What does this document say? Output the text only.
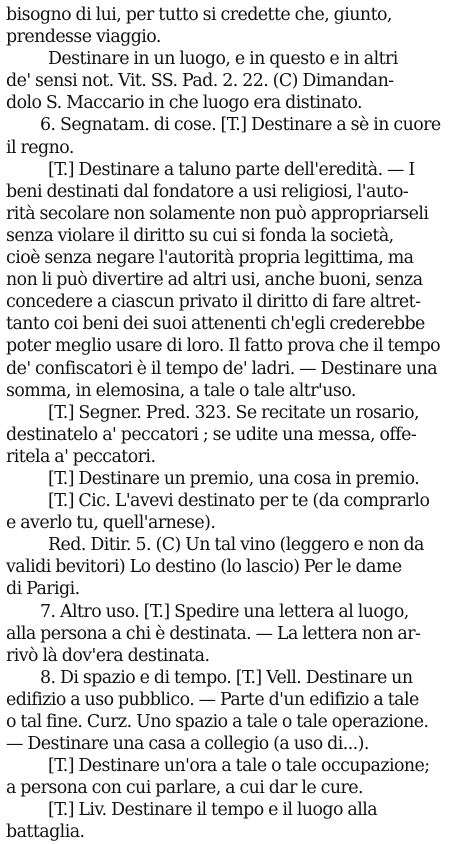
bisogno di lui, per tutto si credette che, giunto,
prendesse viaggio.
Destinare in un luogo, e in questo e in altri
de' sensi not. Vit. SS. Pad. 2. 22. (C) Dimandan-
dolo S. Maccario in che luogo era distinato.
6. Segnatam. di cose. [T.] Destinare a sè in cuore
il regno.
[T.] Destinare a taluno parte dell'eredità. — I
beni destinati dal fondatore a usi religiosi, l'auto-
rità secolare non solamente non può appropriarseli
senza violare il diritto su cui si fonda la società,
cioè senza negare l'autorità propria legittima, ma
non li può divertire ad altri usi, anche buoni, senza
concedere a ciascun privato il diritto di fare altret-
tanto coi beni dei suoi attenenti ch'egli crederebbe
poter meglio usare di loro. Il fatto prova che il tempo
de' confiscatori è il tempo de' ladri. — Destinare una
somma, in elemosina, a tale o tale altr'uso.
[T.] Segner. Pred. 323. Se recitate un rosario,
destinatelo a' peccatori ; se udite una messa, offe-
ritela a' peccatori.
[T.] Destinare un premio, una cosa in premio.
[T.] Cic. L'avevi destinato per te (da comprarlo
e averlo tu, quell'arnese).
Red. Ditir. 5. (C) Un tal vino (leggero e non da
validi bevitori) Lo destino (lo lascio) Per le dame
di Parigi.
7. Altro uso. [T.] Spedire una lettera al luogo,
alla persona a chi è destinata. — La lettera non ar-
rivò là dov'era destinata.
8. Di spazio e di tempo. [T.] Vell. Destinare un
edifizio a uso pubblico. — Parte d'un edifizio a tale
o tal fine. Curz. Uno spazio a tale o tale operazione.
— Destinare una casa a collegio (a uso di...).
[T.] Destinare un'ora a tale o tale occupazione;
a persona con cui parlare, a cui dar le cure.
[T.] Liv. Destinare il tempo e il luogo alla
battaglia.
